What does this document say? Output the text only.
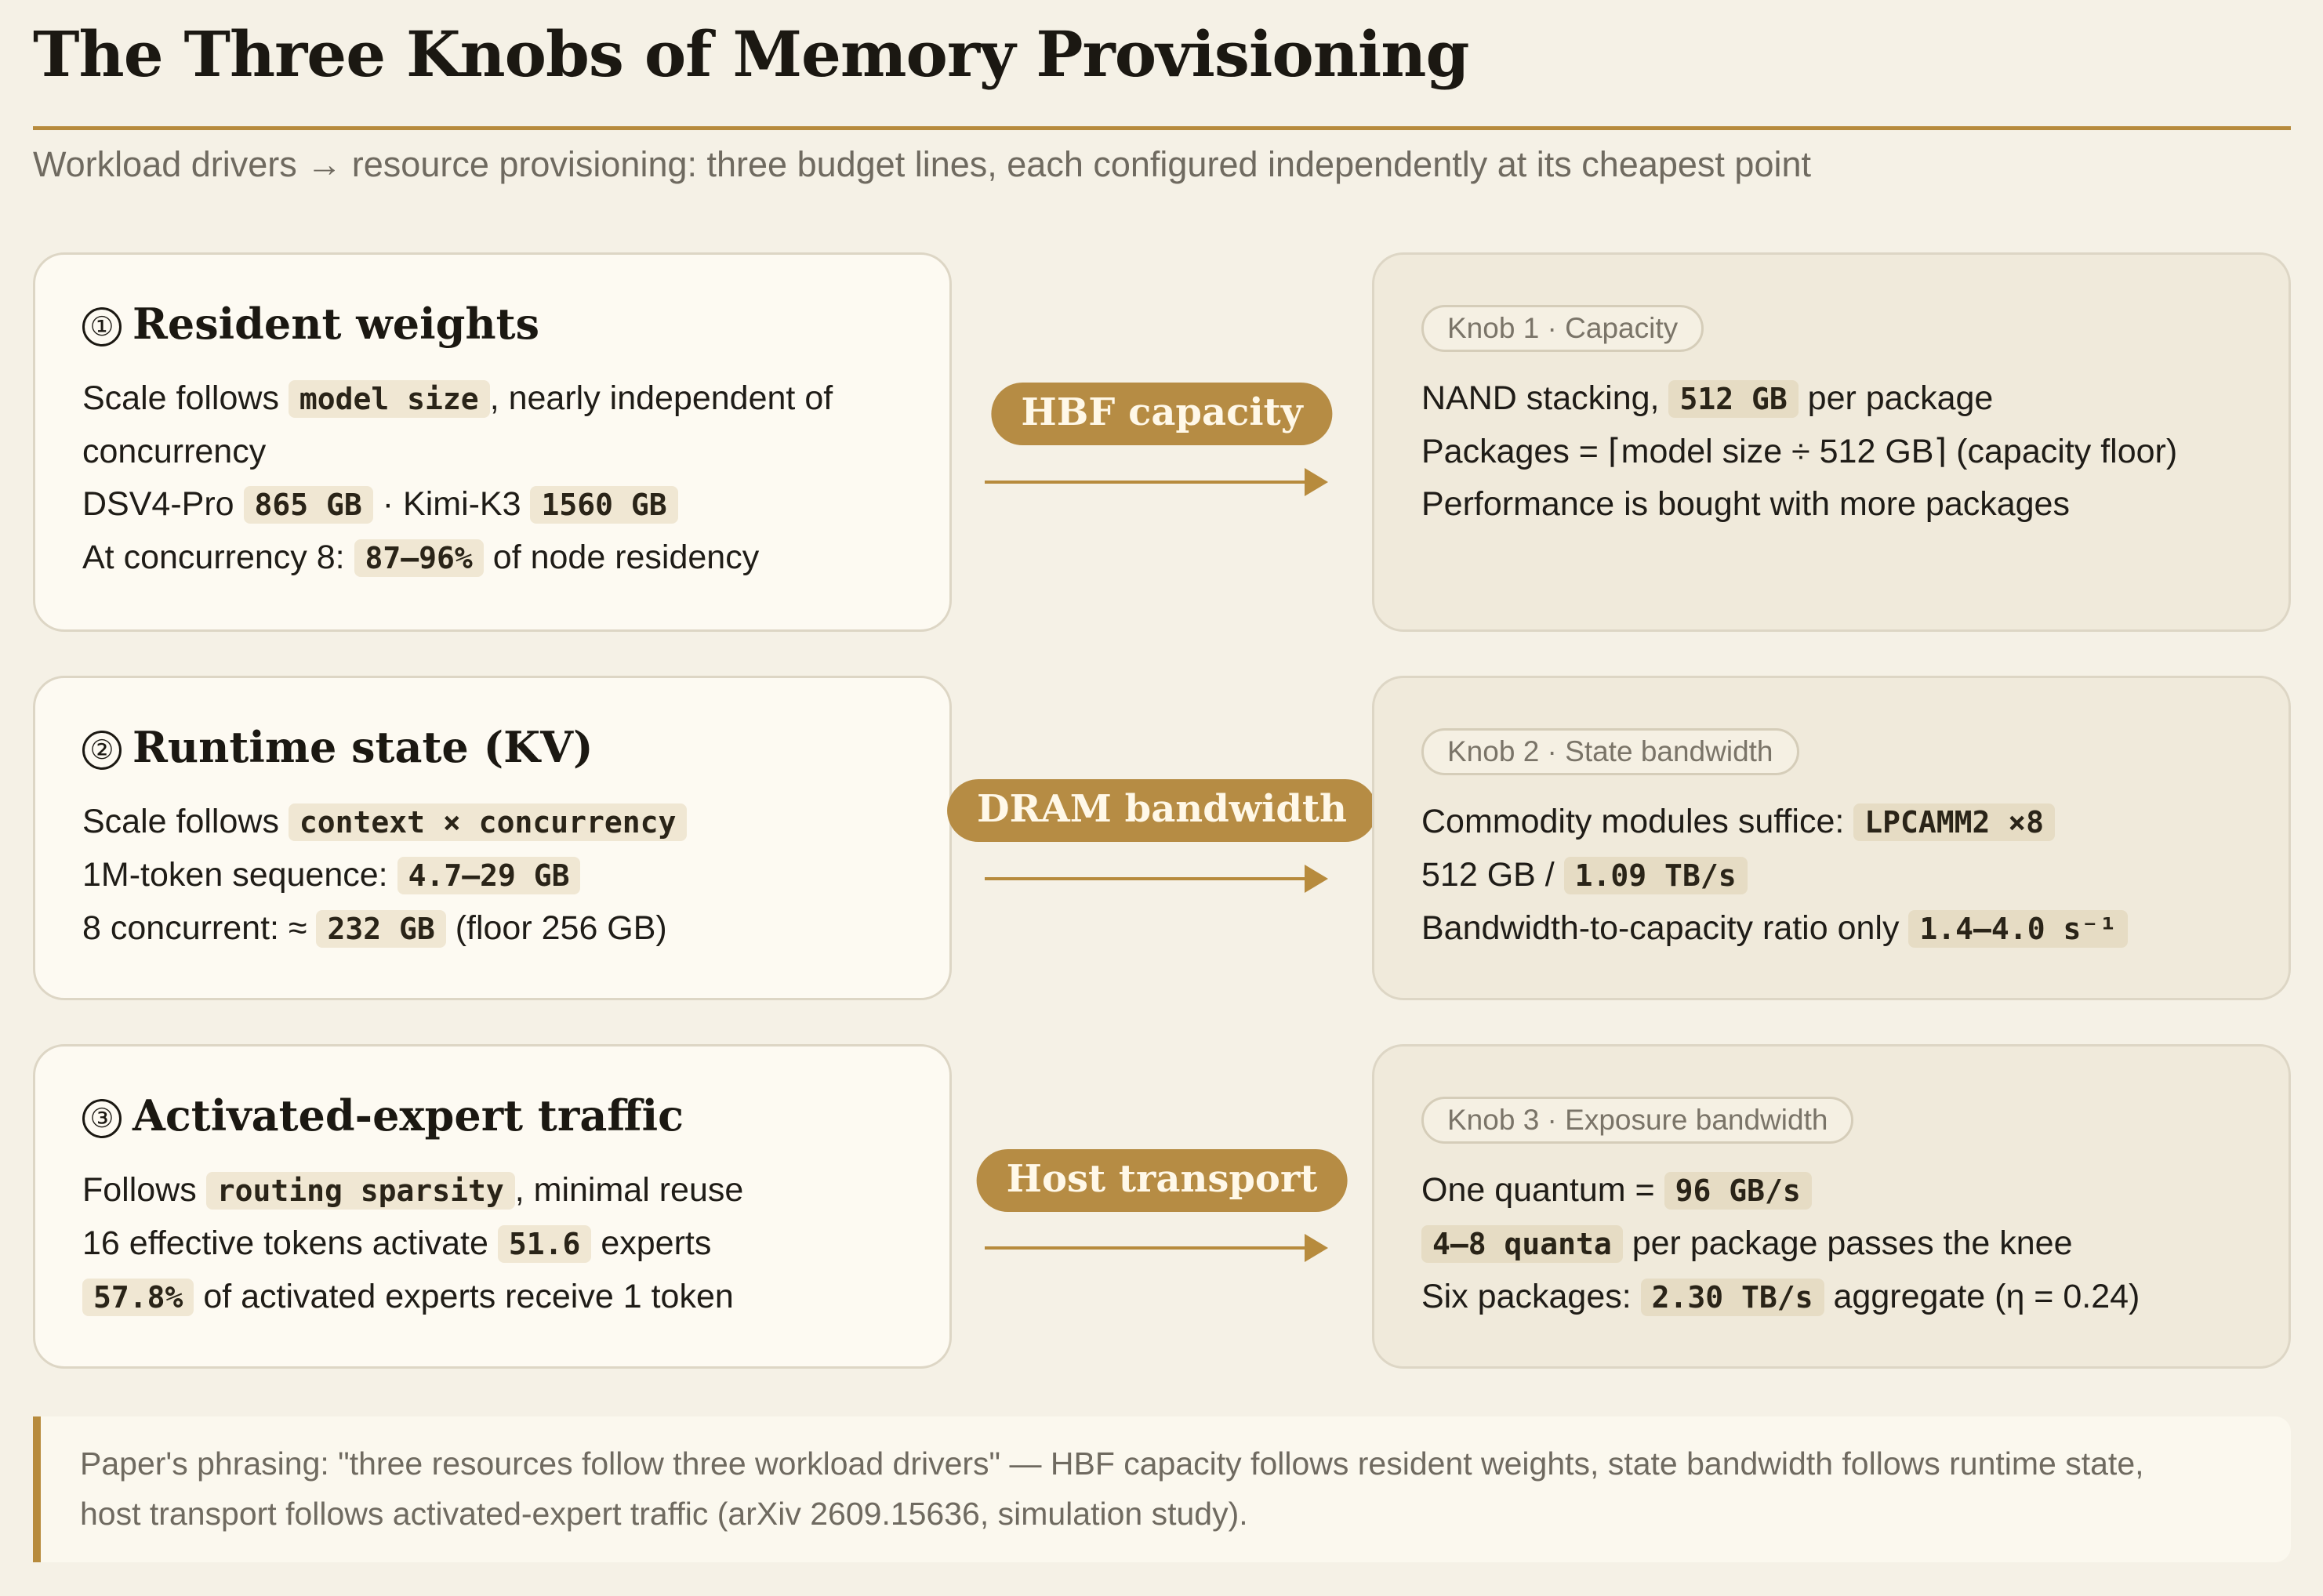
The Three Knobs of Memory Provisioning
Workload drivers → resource provisioning: three budget lines, each configured independently at its cheapest point
① Resident weights
Scale follows model size , nearly independent of
concurrency
DSV4-Pro 865 GB · Kimi-K3 1560 GB
At concurrency 8: 87–96% of node residency
HBF capacity
Knob 1 · Capacity
NAND stacking, 512 GB per package
Packages = ⌈model size ÷ 512 GB⌉ (capacity floor)
Performance is bought with more packages
② Runtime state (KV)
Scale follows context × concurrency
1M-token sequence: 4.7–29 GB
8 concurrent: ≈ 232 GB (floor 256 GB)
DRAM bandwidth
Knob 2 · State bandwidth
Commodity modules suffice: LPCAMM2 ×8
512 GB / 1.09 TB/s
Bandwidth-to-capacity ratio only 1.4–4.0 s⁻¹
③ Activated-expert traffic
Follows routing sparsity , minimal reuse
16 effective tokens activate 51.6 experts
57.8% of activated experts receive 1 token
Host transport
Knob 3 · Exposure bandwidth
One quantum = 96 GB/s
4–8 quanta per package passes the knee
Six packages: 2.30 TB/s aggregate (η = 0.24)
Paper's phrasing: "three resources follow three workload drivers" — HBF capacity follows resident weights, state bandwidth follows runtime state,
host transport follows activated-expert traffic (arXiv 2609.15636, simulation study).
